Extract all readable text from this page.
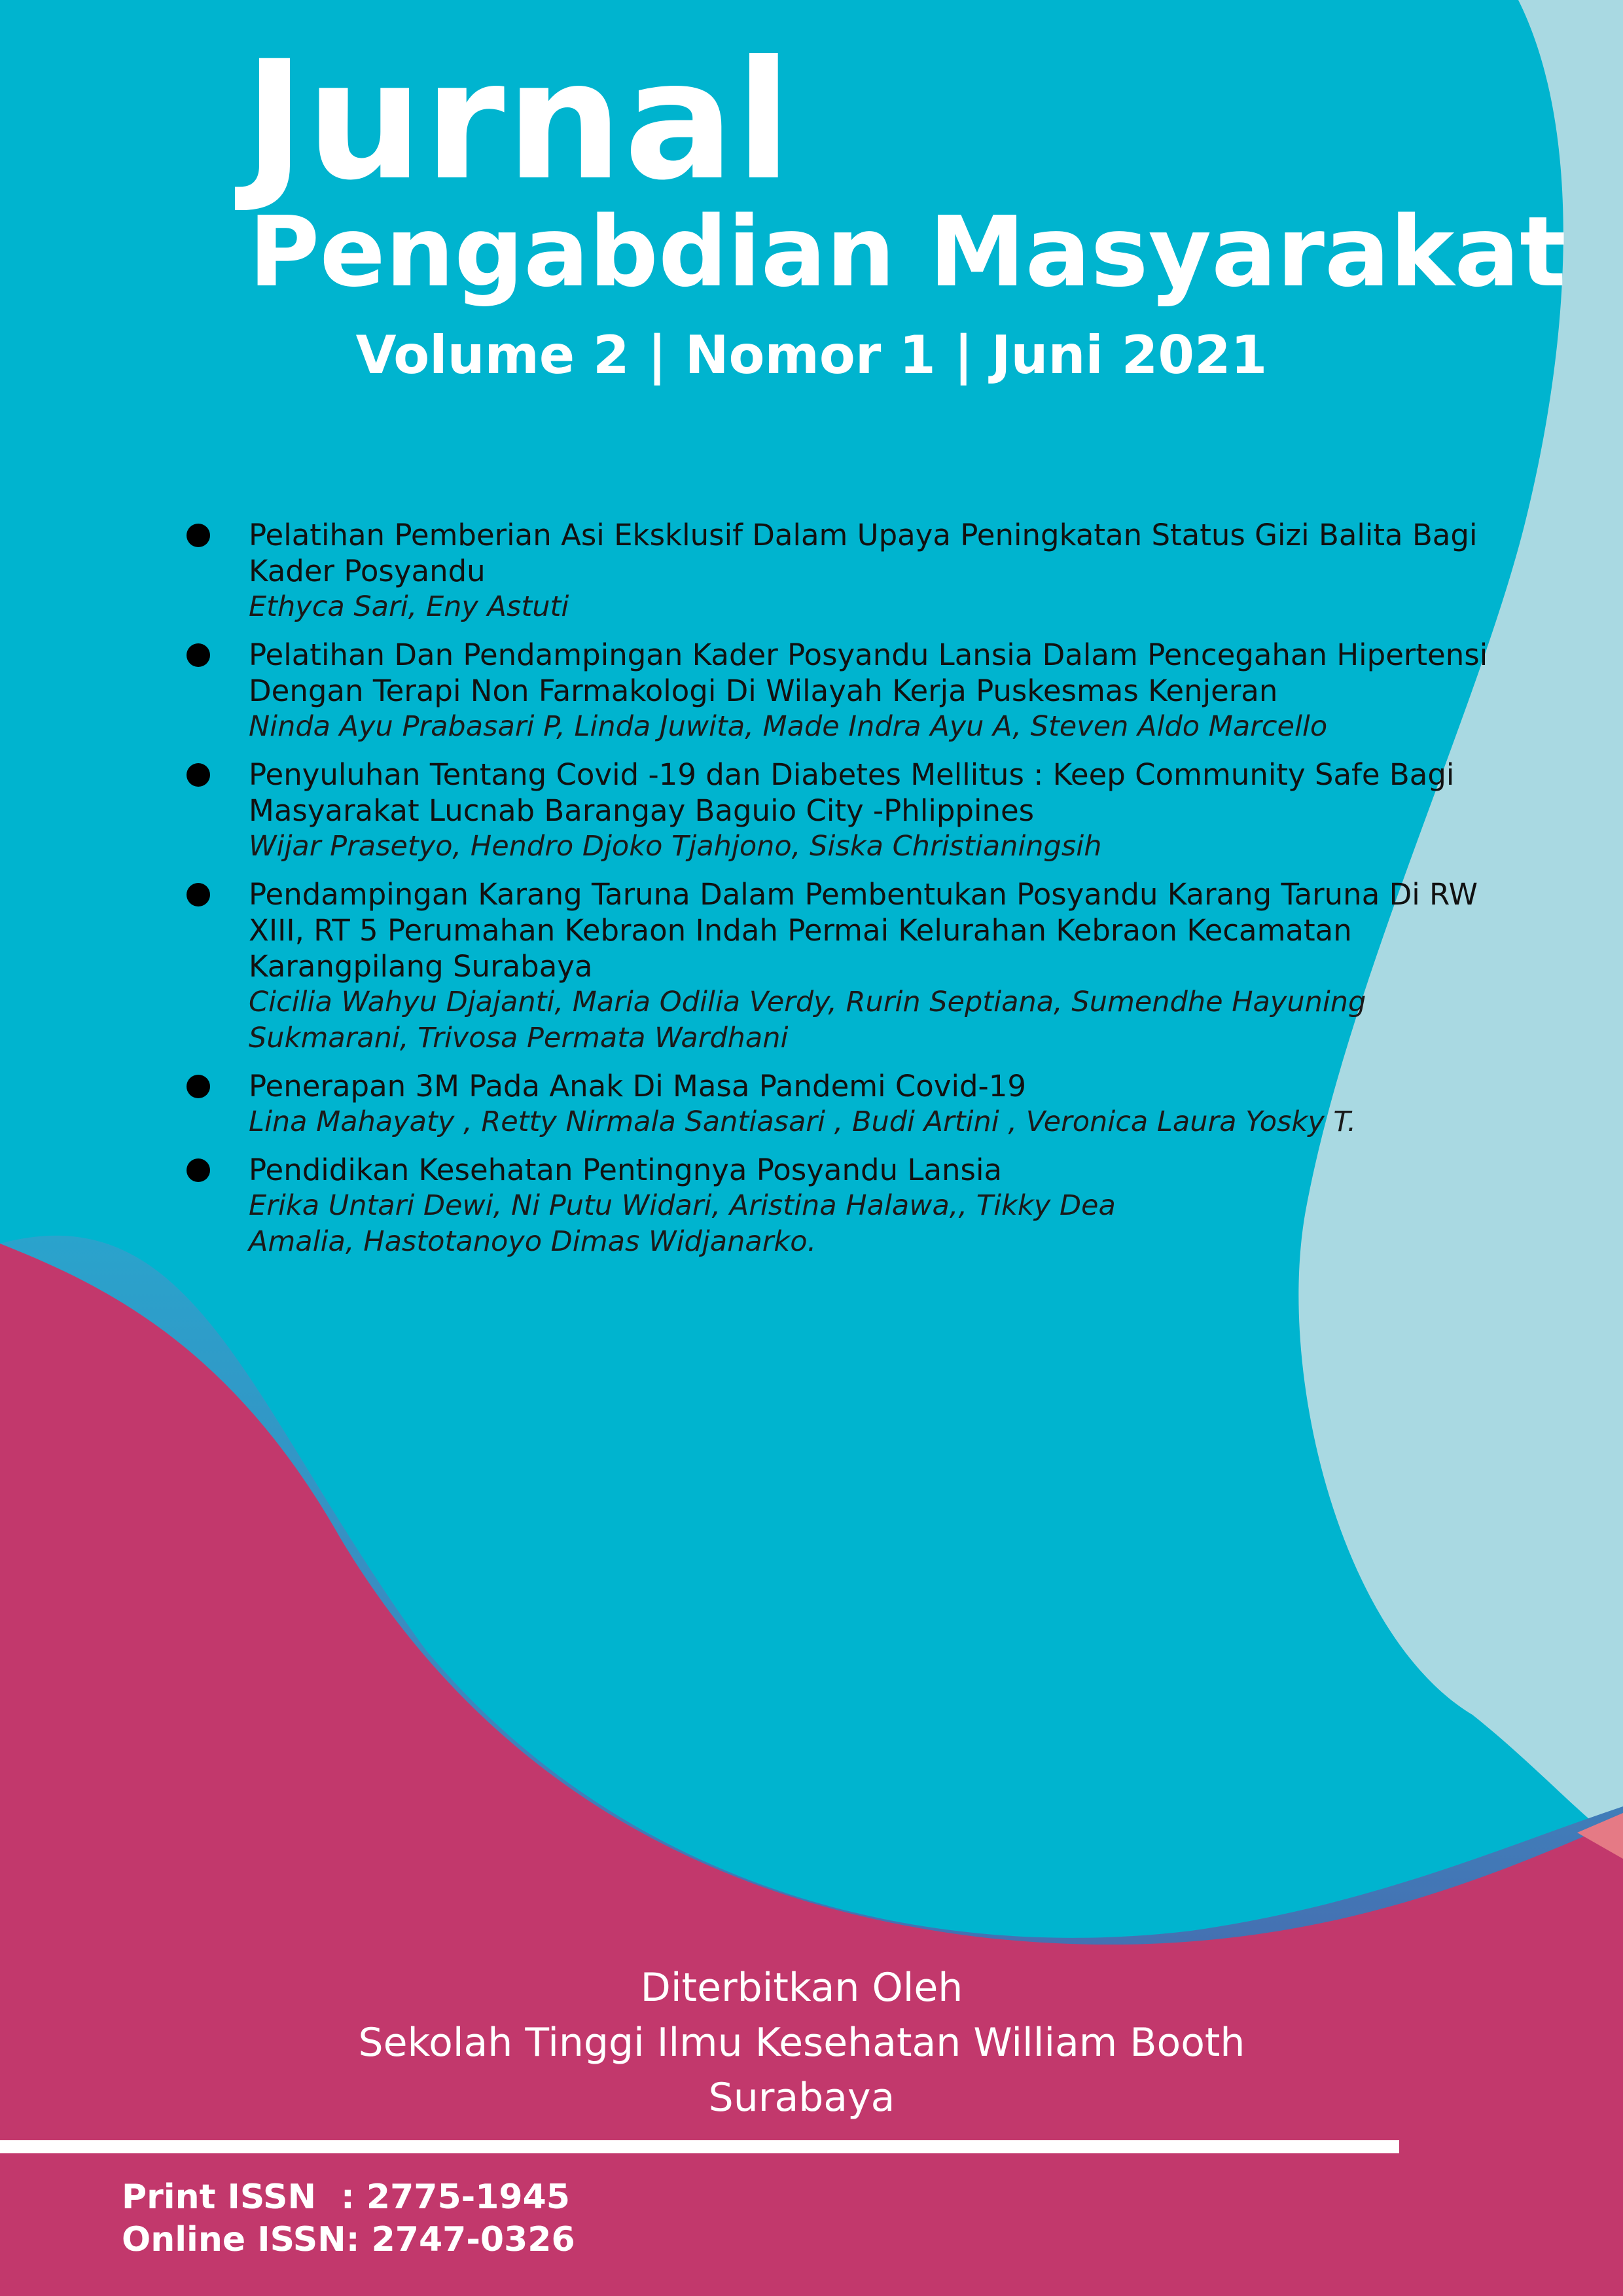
Jurnal
Pengabdian Masyarakat
Volume 2 | Nomor 1 | Juni 2021
Pelatihan Pemberian Asi Eksklusif Dalam Upaya Peningkatan Status Gizi Balita Bagi Kader Posyandu
Ethyca Sari, Eny Astuti
Pelatihan Dan Pendampingan Kader Posyandu Lansia Dalam Pencegahan Hipertensi Dengan Terapi Non Farmakologi Di Wilayah Kerja Puskesmas Kenjeran
Ninda Ayu Prabasari P, Linda Juwita, Made Indra Ayu A, Steven Aldo Marcello
Penyuluhan Tentang Covid -19 dan Diabetes Mellitus : Keep Community Safe Bagi Masyarakat Lucnab Barangay Baguio City -Phlippines
Wijar Prasetyo, Hendro Djoko Tjahjono, Siska Christianingsih
Pendampingan Karang Taruna Dalam Pembentukan Posyandu Karang Taruna Di RW XIII, RT 5 Perumahan Kebraon Indah Permai Kelurahan Kebraon Kecamatan Karangpilang Surabaya
Cicilia Wahyu Djajanti, Maria Odilia Verdy, Rurin Septiana, Sumendhe Hayuning Sukmarani, Trivosa Permata Wardhani
Penerapan 3M Pada Anak Di Masa Pandemi Covid-19
Lina Mahayaty , Retty Nirmala Santiasari , Budi Artini , Veronica Laura Yosky T.
Pendidikan Kesehatan Pentingnya Posyandu Lansia
Erika Untari Dewi, Ni Putu Widari, Aristina Halawa,, Tikky Dea Amalia, Hastotanoyo Dimas Widjanarko.
Diterbitkan Oleh
Sekolah Tinggi Ilmu Kesehatan William Booth
Surabaya
Print ISSN : 2775-1945
Online ISSN: 2747-0326
